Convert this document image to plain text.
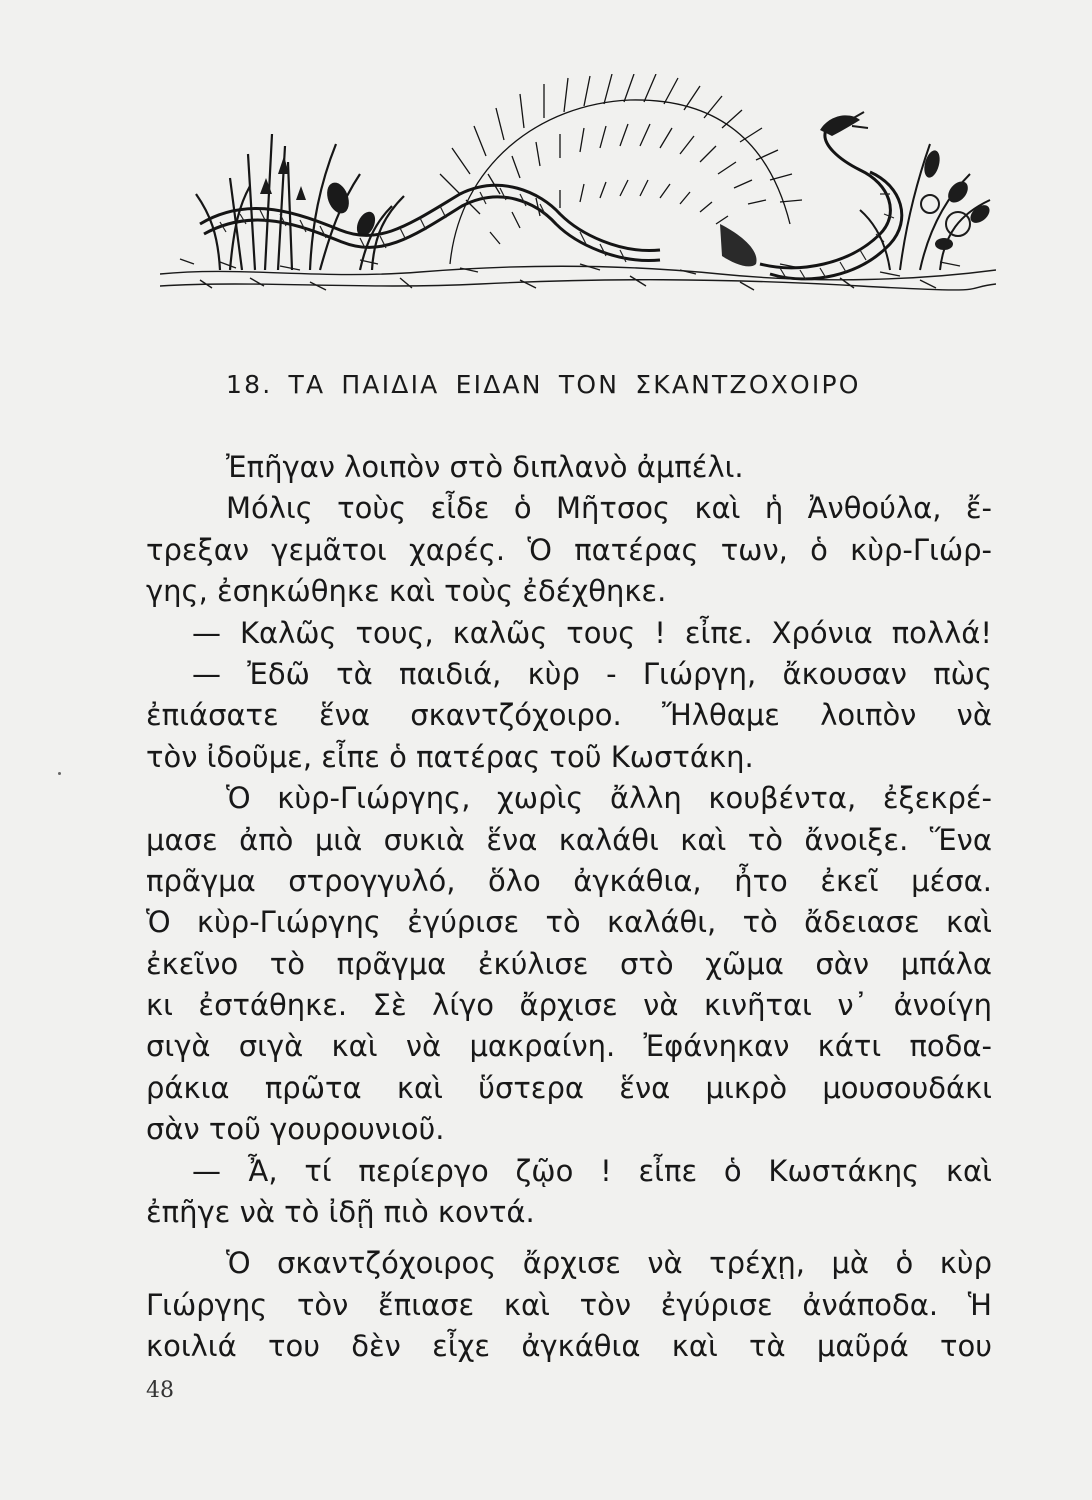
18. ΤΑ ΠΑΙΔΙΑ ΕΙΔΑΝ ΤΟΝ ΣΚΑΝΤΖΟΧΟΙΡΟ
Ἐπῆγαν λοιπὸν στὸ διπλανὸ ἀμπέλι.
Μόλις τοὺς εἶδε ὁ Μῆτσος καὶ ἡ Ἀνθούλα, ἔ-
τρεξαν γεμᾶτοι χαρές. Ὁ πατέρας των, ὁ κὺρ-Γιώρ-
γης, ἐσηκώθηκε καὶ τοὺς ἐδέχθηκε.
— Καλῶς τους, καλῶς τους ! εἶπε. Χρόνια πολλά!
— Ἐδῶ τὰ παιδιά, κὺρ - Γιώργη, ἄκουσαν πὼς
ἐπιάσατε ἕνα σκαντζόχοιρο. Ἤλθαμε λοιπὸν νὰ
τὸν ἰδοῦμε, εἶπε ὁ πατέρας τοῦ Κωστάκη.
Ὁ κὺρ-Γιώργης, χωρὶς ἄλλη κουβέντα, ἐξεκρέ-
μασε ἀπὸ μιὰ συκιὰ ἕνα καλάθι καὶ τὸ ἄνοιξε. Ἕνα
πρᾶγμα στρογγυλό, ὅλο ἀγκάθια, ἦτο ἐκεῖ μέσα.
Ὁ κὺρ-Γιώργης ἐγύρισε τὸ καλάθι, τὸ ἄδειασε καὶ
ἐκεῖνο τὸ πρᾶγμα ἐκύλισε στὸ χῶμα σὰν μπάλα
κι ἐστάθηκε. Σὲ λίγο ἄρχισε νὰ κινῆται ν᾿ ἀνοίγη
σιγὰ σιγὰ καὶ νὰ μακραίνη. Ἐφάνηκαν κάτι ποδα-
ράκια πρῶτα καὶ ὕστερα ἕνα μικρὸ μουσουδάκι
σὰν τοῦ γουρουνιοῦ.
— Ἆ, τί περίεργο ζῷο ! εἶπε ὁ Κωστάκης καὶ
ἐπῆγε νὰ τὸ ἰδῇ πιὸ κοντά.
Ὁ σκαντζόχοιρος ἄρχισε νὰ τρέχῃ, μὰ ὁ κὺρ
Γιώργης τὸν ἔπιασε καὶ τὸν ἐγύρισε ἀνάποδα. Ἡ
κοιλιά του δὲν εἶχε ἀγκάθια καὶ τὰ μαῦρά του
48
